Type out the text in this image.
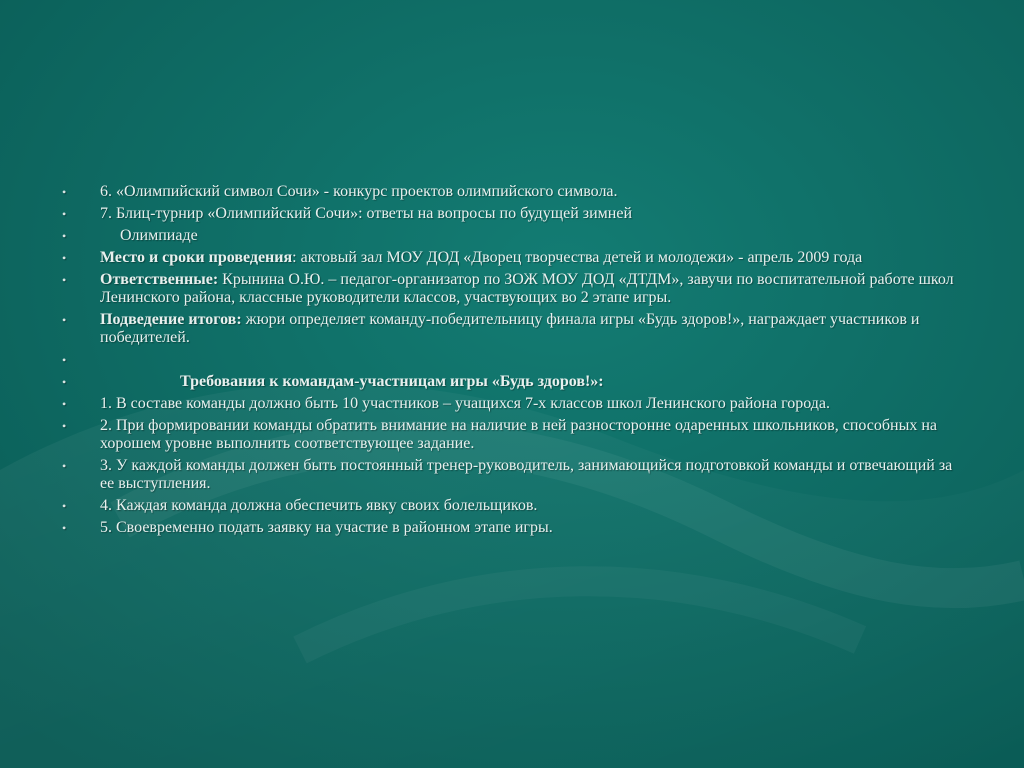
•	6. «Олимпийский символ Сочи» - конкурс проектов олимпийского символа.
•	7. Блиц-турнир «Олимпийский Сочи»: ответы на вопросы по будущей зимней
•	Олимпиаде
•	Место и сроки проведения: актовый зал МОУ ДОД «Дворец творчества детей и молодежи» - апрель 2009 года
•	Ответственные: Крынина О.Ю. – педагог-организатор по ЗОЖ МОУ ДОД «ДТДМ», завучи по воспитательной работе школ Ленинского района, классные руководители классов, участвующих во 2 этапе игры.
•	Подведение итогов: жюри определяет команду-победительницу финала игры «Будь здоров!», награждает участников и победителей.
•
•	Требования к командам-участницам игры «Будь здоров!»:
•	1. В составе команды должно быть 10 участников – учащихся 7-х классов школ Ленинского района города.
•	2. При формировании команды обратить внимание на наличие в ней разносторонне одаренных школьников, способных на хорошем уровне выполнить соответствующее задание.
•	3. У каждой команды должен быть постоянный тренер-руководитель, занимающийся подготовкой команды и отвечающий за ее выступления.
•	4. Каждая команда должна обеспечить явку своих болельщиков.
•	5. Своевременно подать заявку на участие в районном этапе игры.
